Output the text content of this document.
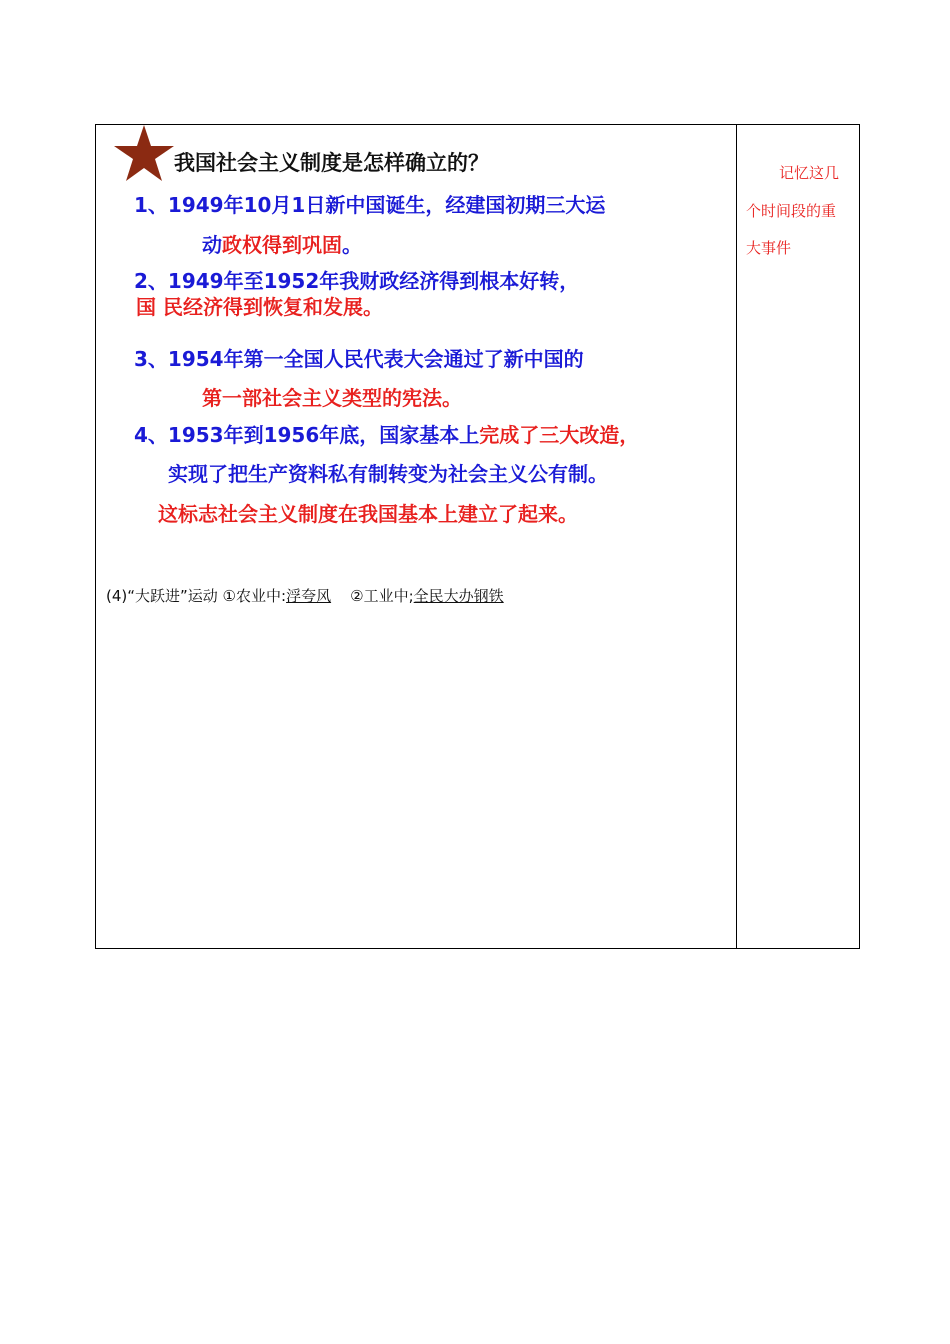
我国社会主义制度是怎样确立的？
1、1949年10月1日新中国诞生，经建国初期三大运
动政权得到巩固。
2、1949年至1952年我财政经济得到根本好转，
国 民经济得到恢复和发展。
3、1954年第一全国人民代表大会通过了新中国的
第一部社会主义类型的宪法。
4、1953年到1956年底，国家基本上完成了三大改造，
实现了把生产资料私有制转变为社会主义公有制。
这标志社会主义制度在我国基本上建立了起来。
(4)“大跃进”运动 ①农业中:浮夸风 ②工业中;全民大办钢铁
记忆这几
个时间段的重
大事件
